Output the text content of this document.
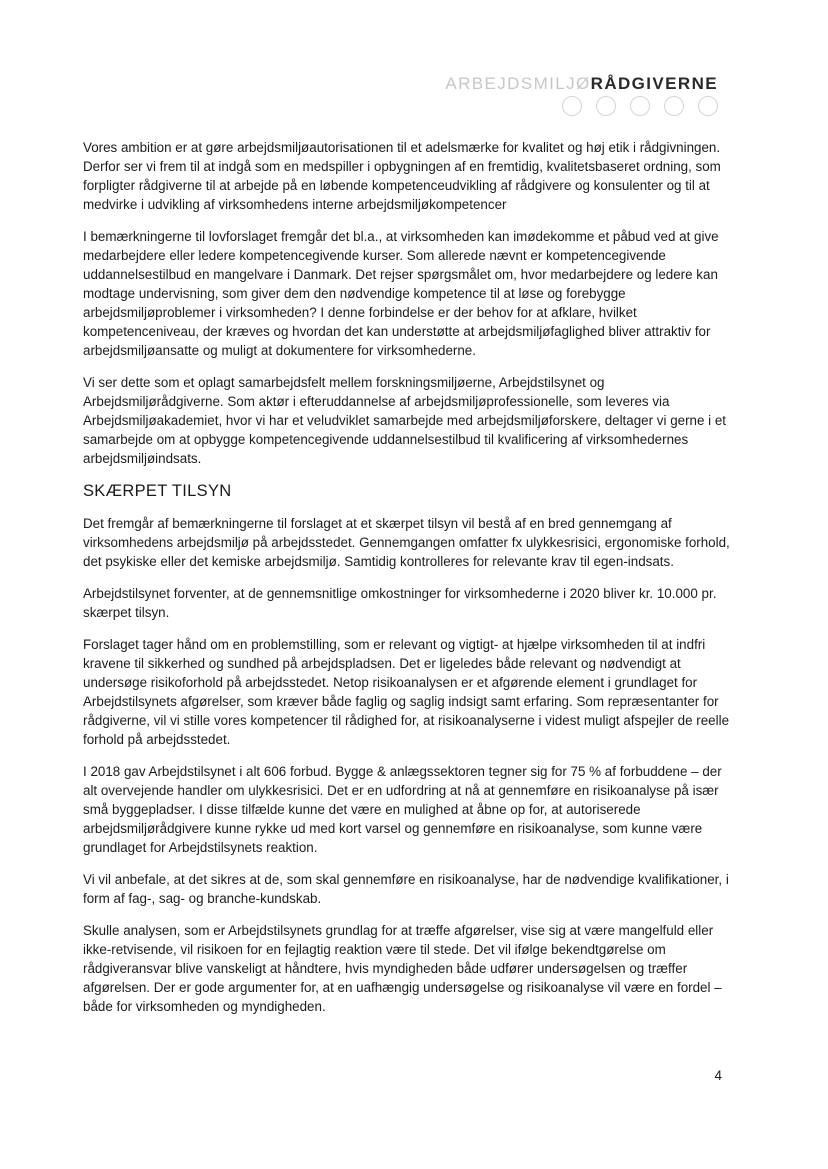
ARBEJDSMILJØRÅDGIVERNE

Vores ambition er at gøre arbejdsmiljøautorisationen til et adelsmærke for kvalitet og høj etik i rådgivningen. Derfor ser vi frem til at indgå som en medspiller i opbygningen af en fremtidig, kvalitetsbaseret ordning, som forpligter rådgiverne til at arbejde på en løbende kompetenceudvikling af rådgivere og konsulenter og til at medvirke i udvikling af virksomhedens interne arbejdsmiljøkompetencer

I bemærkningerne til lovforslaget fremgår det bl.a., at virksomheden kan imødekomme et påbud ved at give medarbejdere eller ledere kompetencegivende kurser. Som allerede nævnt er kompetencegivende uddannelsestilbud en mangelvare i Danmark. Det rejser spørgsmålet om, hvor medarbejdere og ledere kan modtage undervisning, som giver dem den nødvendige kompetence til at løse og forebygge arbejdsmiljøproblemer i virksomheden? I denne forbindelse er der behov for at afklare, hvilket kompetenceniveau, der kræves og hvordan det kan understøtte at arbejdsmiljøfaglighed bliver attraktiv for arbejdsmiljøansatte og muligt at dokumentere for virksomhederne.

Vi ser dette som et oplagt samarbejdsfelt mellem forskningsmiljøerne, Arbejdstilsynet og Arbejdsmiljørådgiverne. Som aktør i efteruddannelse af arbejdsmiljøprofessionelle, som leveres via Arbejdsmiljøakademiet, hvor vi har et veludviklet samarbejde med arbejdsmiljøforskere, deltager vi gerne i et samarbejde om at opbygge kompetencegivende uddannelsestilbud til kvalificering af virksomhedernes arbejdsmiljøindsats.

SKÆRPET TILSYN

Det fremgår af bemærkningerne til forslaget at et skærpet tilsyn vil bestå af en bred gennemgang af virksomhedens arbejdsmiljø på arbejdsstedet. Gennemgangen omfatter fx ulykkesrisici, ergonomiske forhold, det psykiske eller det kemiske arbejdsmiljø. Samtidig kontrolleres for relevante krav til egen-indsats.

Arbejdstilsynet forventer, at de gennemsnitlige omkostninger for virksomhederne i 2020 bliver kr. 10.000 pr. skærpet tilsyn.

Forslaget tager hånd om en problemstilling, som er relevant og vigtigt- at hjælpe virksomheden til at indfri kravene til sikkerhed og sundhed på arbejdspladsen. Det er ligeledes både relevant og nødvendigt at undersøge risikoforhold på arbejdsstedet. Netop risikoanalysen er et afgørende element i grundlaget for Arbejdstilsynets afgørelser, som kræver både faglig og saglig indsigt samt erfaring. Som repræsentanter for rådgiverne, vil vi stille vores kompetencer til rådighed for, at risikoanalyserne i videst muligt afspejler de reelle forhold på arbejdsstedet.

I 2018 gav Arbejdstilsynet i alt 606 forbud. Bygge & anlægssektoren tegner sig for 75 % af forbuddene – der alt overvejende handler om ulykkesrisici. Det er en udfordring at nå at gennemføre en risikoanalyse på især små byggepladser. I disse tilfælde kunne det være en mulighed at åbne op for, at autoriserede arbejdsmiljørådgivere kunne rykke ud med kort varsel og gennemføre en risikoanalyse, som kunne være grundlaget for Arbejdstilsynets reaktion.

Vi vil anbefale, at det sikres at de, som skal gennemføre en risikoanalyse, har de nødvendige kvalifikationer, i form af fag-, sag- og branche-kundskab.

Skulle analysen, som er Arbejdstilsynets grundlag for at træffe afgørelser, vise sig at være mangelfuld eller ikke-retvisende, vil risikoen for en fejlagtig reaktion være til stede. Det vil ifølge bekendtgørelse om rådgiveransvar blive vanskeligt at håndtere, hvis myndigheden både udfører undersøgelsen og træffer afgørelsen. Der er gode argumenter for, at en uafhængig undersøgelse og risikoanalyse vil være en fordel – både for virksomheden og myndigheden.

4
